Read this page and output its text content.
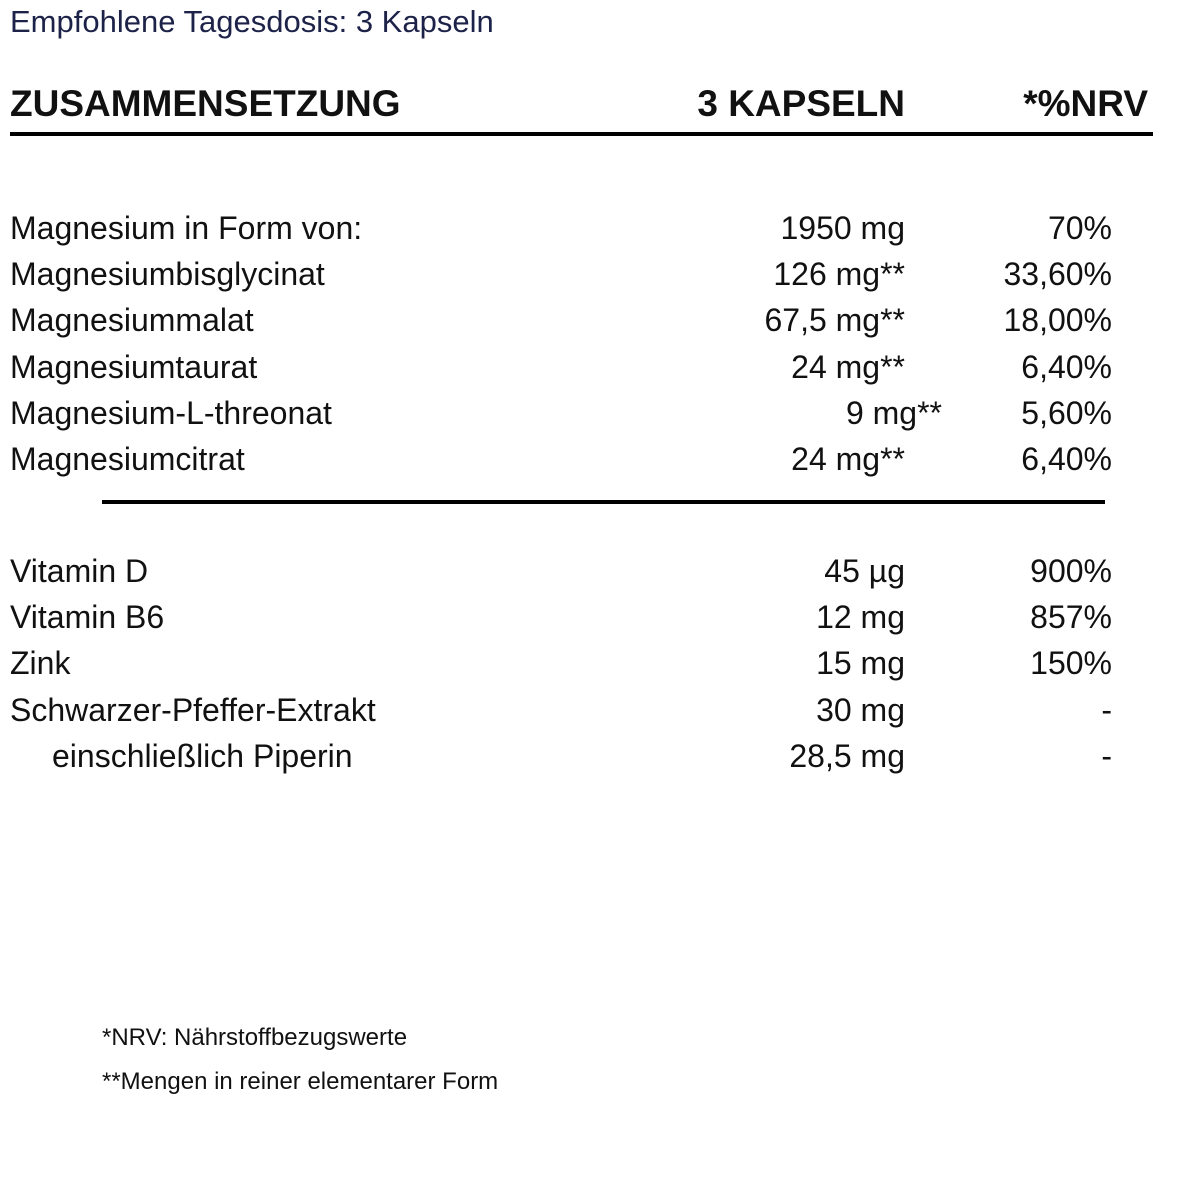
Empfohlene Tagesdosis: 3 Kapseln
ZUSAMMENSETZUNG	3 KAPSELN	*%NRV
Magnesium in Form von:	1950 mg	70%
Magnesiumbisglycinat	126 mg**	33,60%
Magnesiummalat	67,5 mg**	18,00%
Magnesiumtaurat	24 mg**	6,40%
Magnesium-L-threonat	9 mg** 5,60%
Magnesiumcitrat	24 mg**	6,40%
Vitamin D	45 µg	900%
Vitamin B6	12 mg	857%
Zink	15 mg	150%
Schwarzer-Pfeffer-Extrakt	30 mg	-
einschließlich Piperin	28,5 mg	-
*NRV: Nährstoffbezugswerte
**Mengen in reiner elementarer Form
